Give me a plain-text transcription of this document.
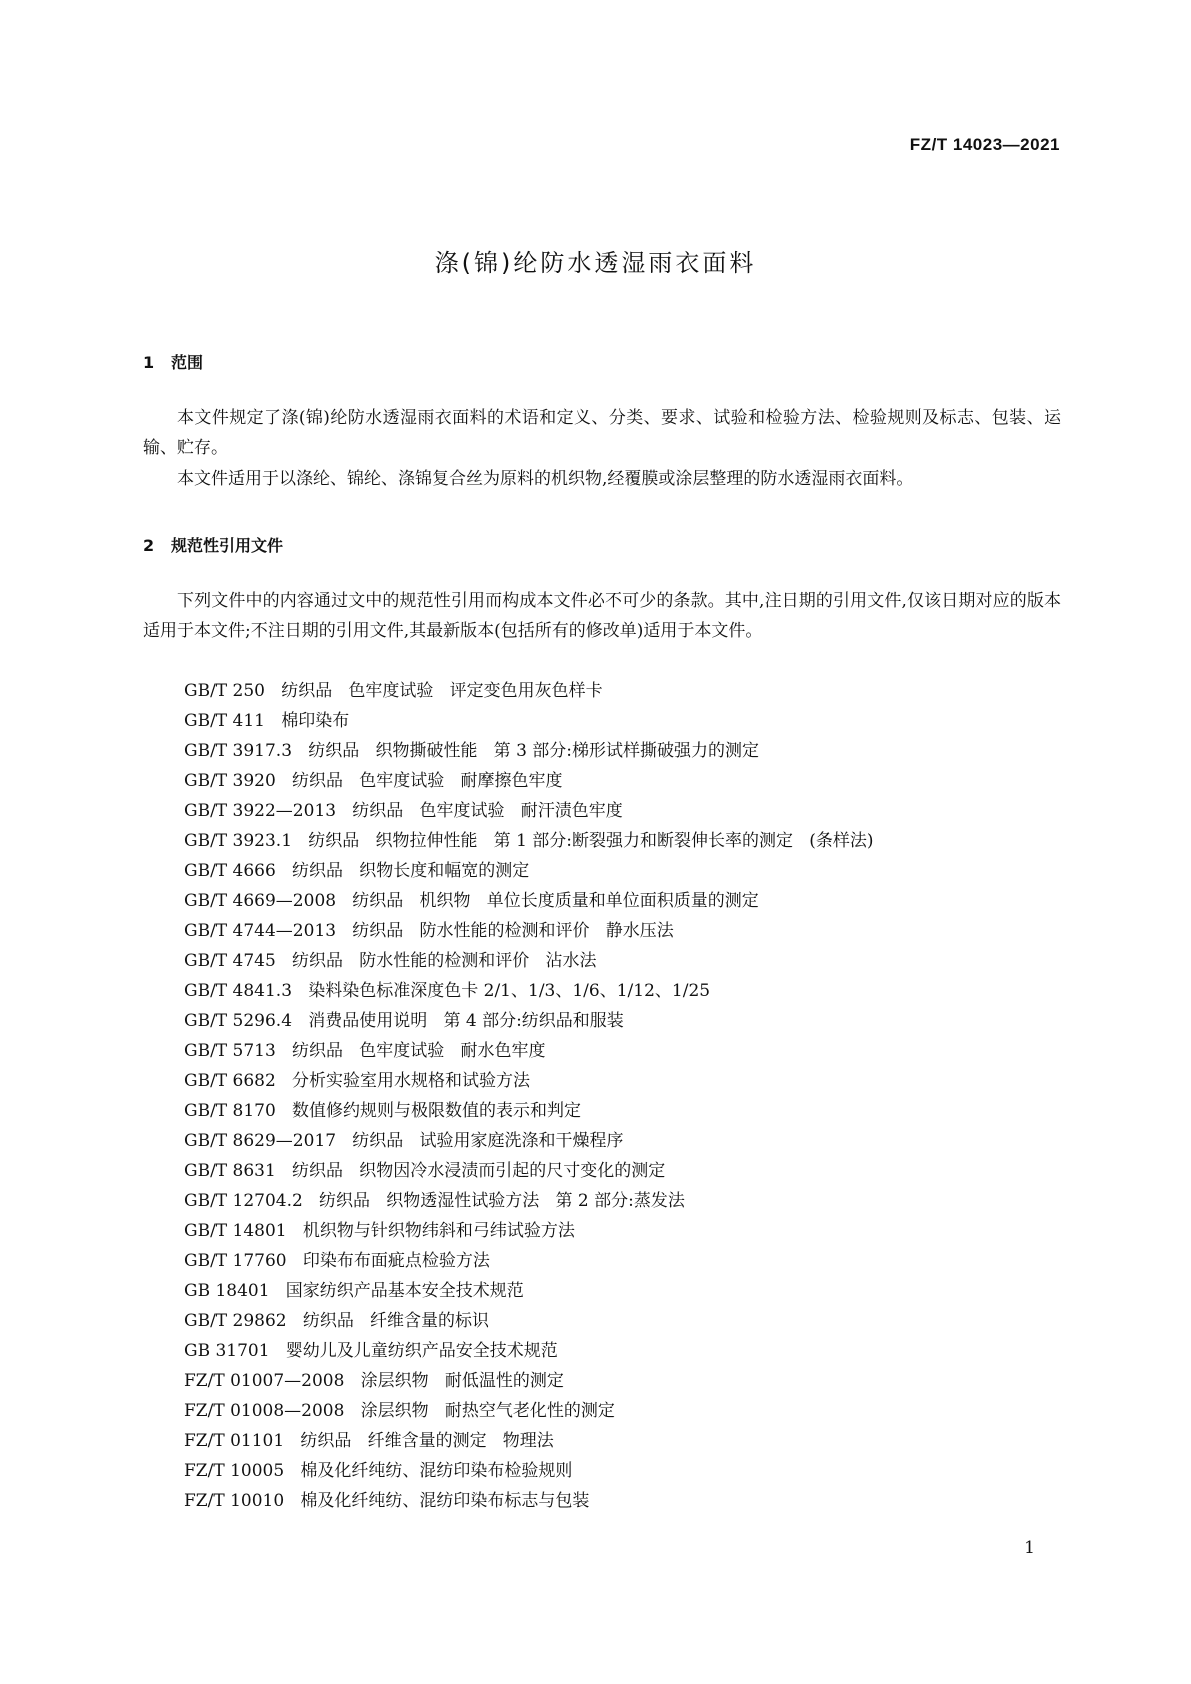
FZ/T 14023—2021
涤(锦)纶防水透湿雨衣面料
1 范围

本文件规定了涤(锦)纶防水透湿雨衣面料的术语和定义、分类、要求、试验和检验方法、检验规则及标志、包装、运输、贮存。

本文件适用于以涤纶、锦纶、涤锦复合丝为原料的机织物,经覆膜或涂层整理的防水透湿雨衣面料。

2 规范性引用文件

下列文件中的内容通过文中的规范性引用而构成本文件必不可少的条款。其中,注日期的引用文件,仅该日期对应的版本适用于本文件;不注日期的引用文件,其最新版本(包括所有的修改单)适用于本文件。

GB/T 250   纺织品   色牢度试验   评定变色用灰色样卡
GB/T 411   棉印染布
GB/T 3917.3   纺织品   织物撕破性能   第 3 部分:梯形试样撕破强力的测定
GB/T 3920   纺织品   色牢度试验   耐摩擦色牢度
GB/T 3922—2013   纺织品   色牢度试验   耐汗渍色牢度
GB/T 3923.1   纺织品   织物拉伸性能   第 1 部分:断裂强力和断裂伸长率的测定   (条样法)
GB/T 4666   纺织品   织物长度和幅宽的测定
GB/T 4669—2008   纺织品   机织物   单位长度质量和单位面积质量的测定
GB/T 4744—2013   纺织品   防水性能的检测和评价   静水压法
GB/T 4745   纺织品   防水性能的检测和评价   沾水法
GB/T 4841.3   染料染色标准深度色卡 2/1、1/3、1/6、1/12、1/25
GB/T 5296.4   消费品使用说明   第 4 部分:纺织品和服装
GB/T 5713   纺织品   色牢度试验   耐水色牢度
GB/T 6682   分析实验室用水规格和试验方法
GB/T 8170   数值修约规则与极限数值的表示和判定
GB/T 8629—2017   纺织品   试验用家庭洗涤和干燥程序
GB/T 8631   纺织品   织物因冷水浸渍而引起的尺寸变化的测定
GB/T 12704.2   纺织品   织物透湿性试验方法   第 2 部分:蒸发法
GB/T 14801   机织物与针织物纬斜和弓纬试验方法
GB/T 17760   印染布布面疵点检验方法
GB 18401   国家纺织产品基本安全技术规范
GB/T 29862   纺织品   纤维含量的标识
GB 31701   婴幼儿及儿童纺织产品安全技术规范
FZ/T 01007—2008   涂层织物   耐低温性的测定
FZ/T 01008—2008   涂层织物   耐热空气老化性的测定
FZ/T 01101   纺织品   纤维含量的测定   物理法
FZ/T 10005   棉及化纤纯纺、混纺印染布检验规则
FZ/T 10010   棉及化纤纯纺、混纺印染布标志与包装
1
